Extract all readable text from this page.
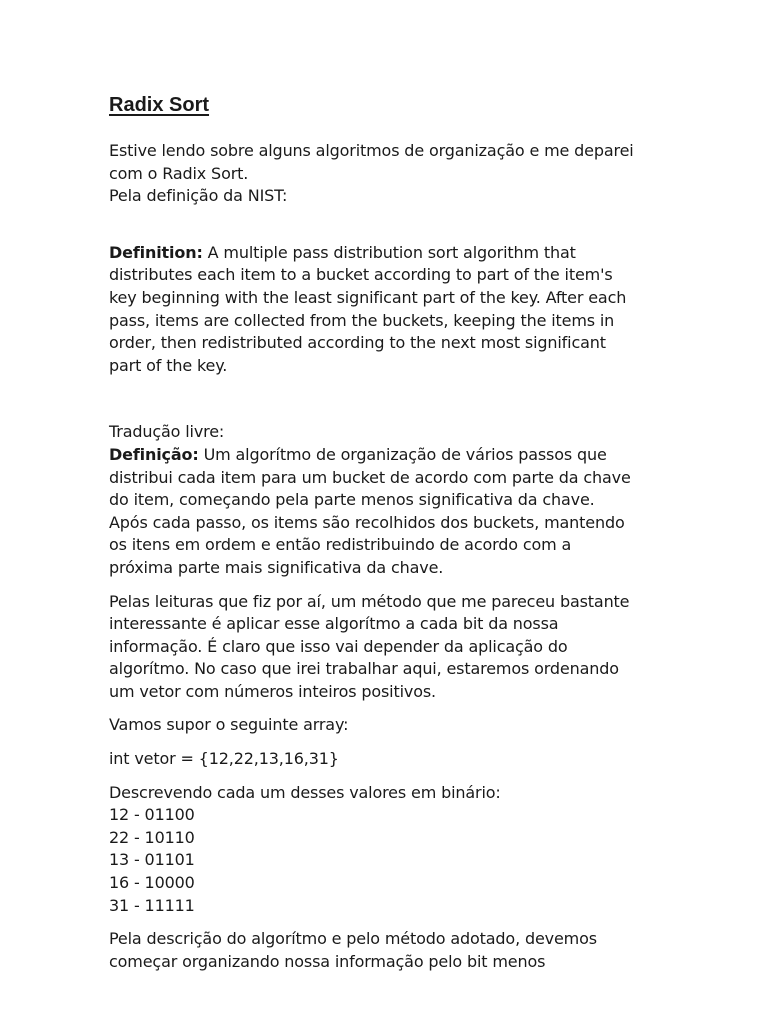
Radix Sort

Estive lendo sobre alguns algoritmos de organização e me deparei
com o Radix Sort.
Pela definição da NIST:

Definition: A multiple pass distribution sort algorithm that
distributes each item to a bucket according to part of the item's
key beginning with the least significant part of the key. After each
pass, items are collected from the buckets, keeping the items in
order, then redistributed according to the next most significant
part of the key.

Tradução livre:

Definição: Um algorítmo de organização de vários passos que
distribui cada item para um bucket de acordo com parte da chave
do item, começando pela parte menos significativa da chave.
Após cada passo, os items são recolhidos dos buckets, mantendo
os itens em ordem e então redistribuindo de acordo com a
próxima parte mais significativa da chave.

Pelas leituras que fiz por aí, um método que me pareceu bastante
interessante é aplicar esse algorítmo a cada bit da nossa
informação. É claro que isso vai depender da aplicação do
algorítmo. No caso que irei trabalhar aqui, estaremos ordenando
um vetor com números inteiros positivos.

Vamos supor o seguinte array:

int vetor = {12,22,13,16,31}

Descrevendo cada um desses valores em binário:

12 - 01100

22 - 10110

13 - 01101

16 - 10000

31 - 11111

Pela descrição do algorítmo e pelo método adotado, devemos
começar organizando nossa informação pelo bit menos
